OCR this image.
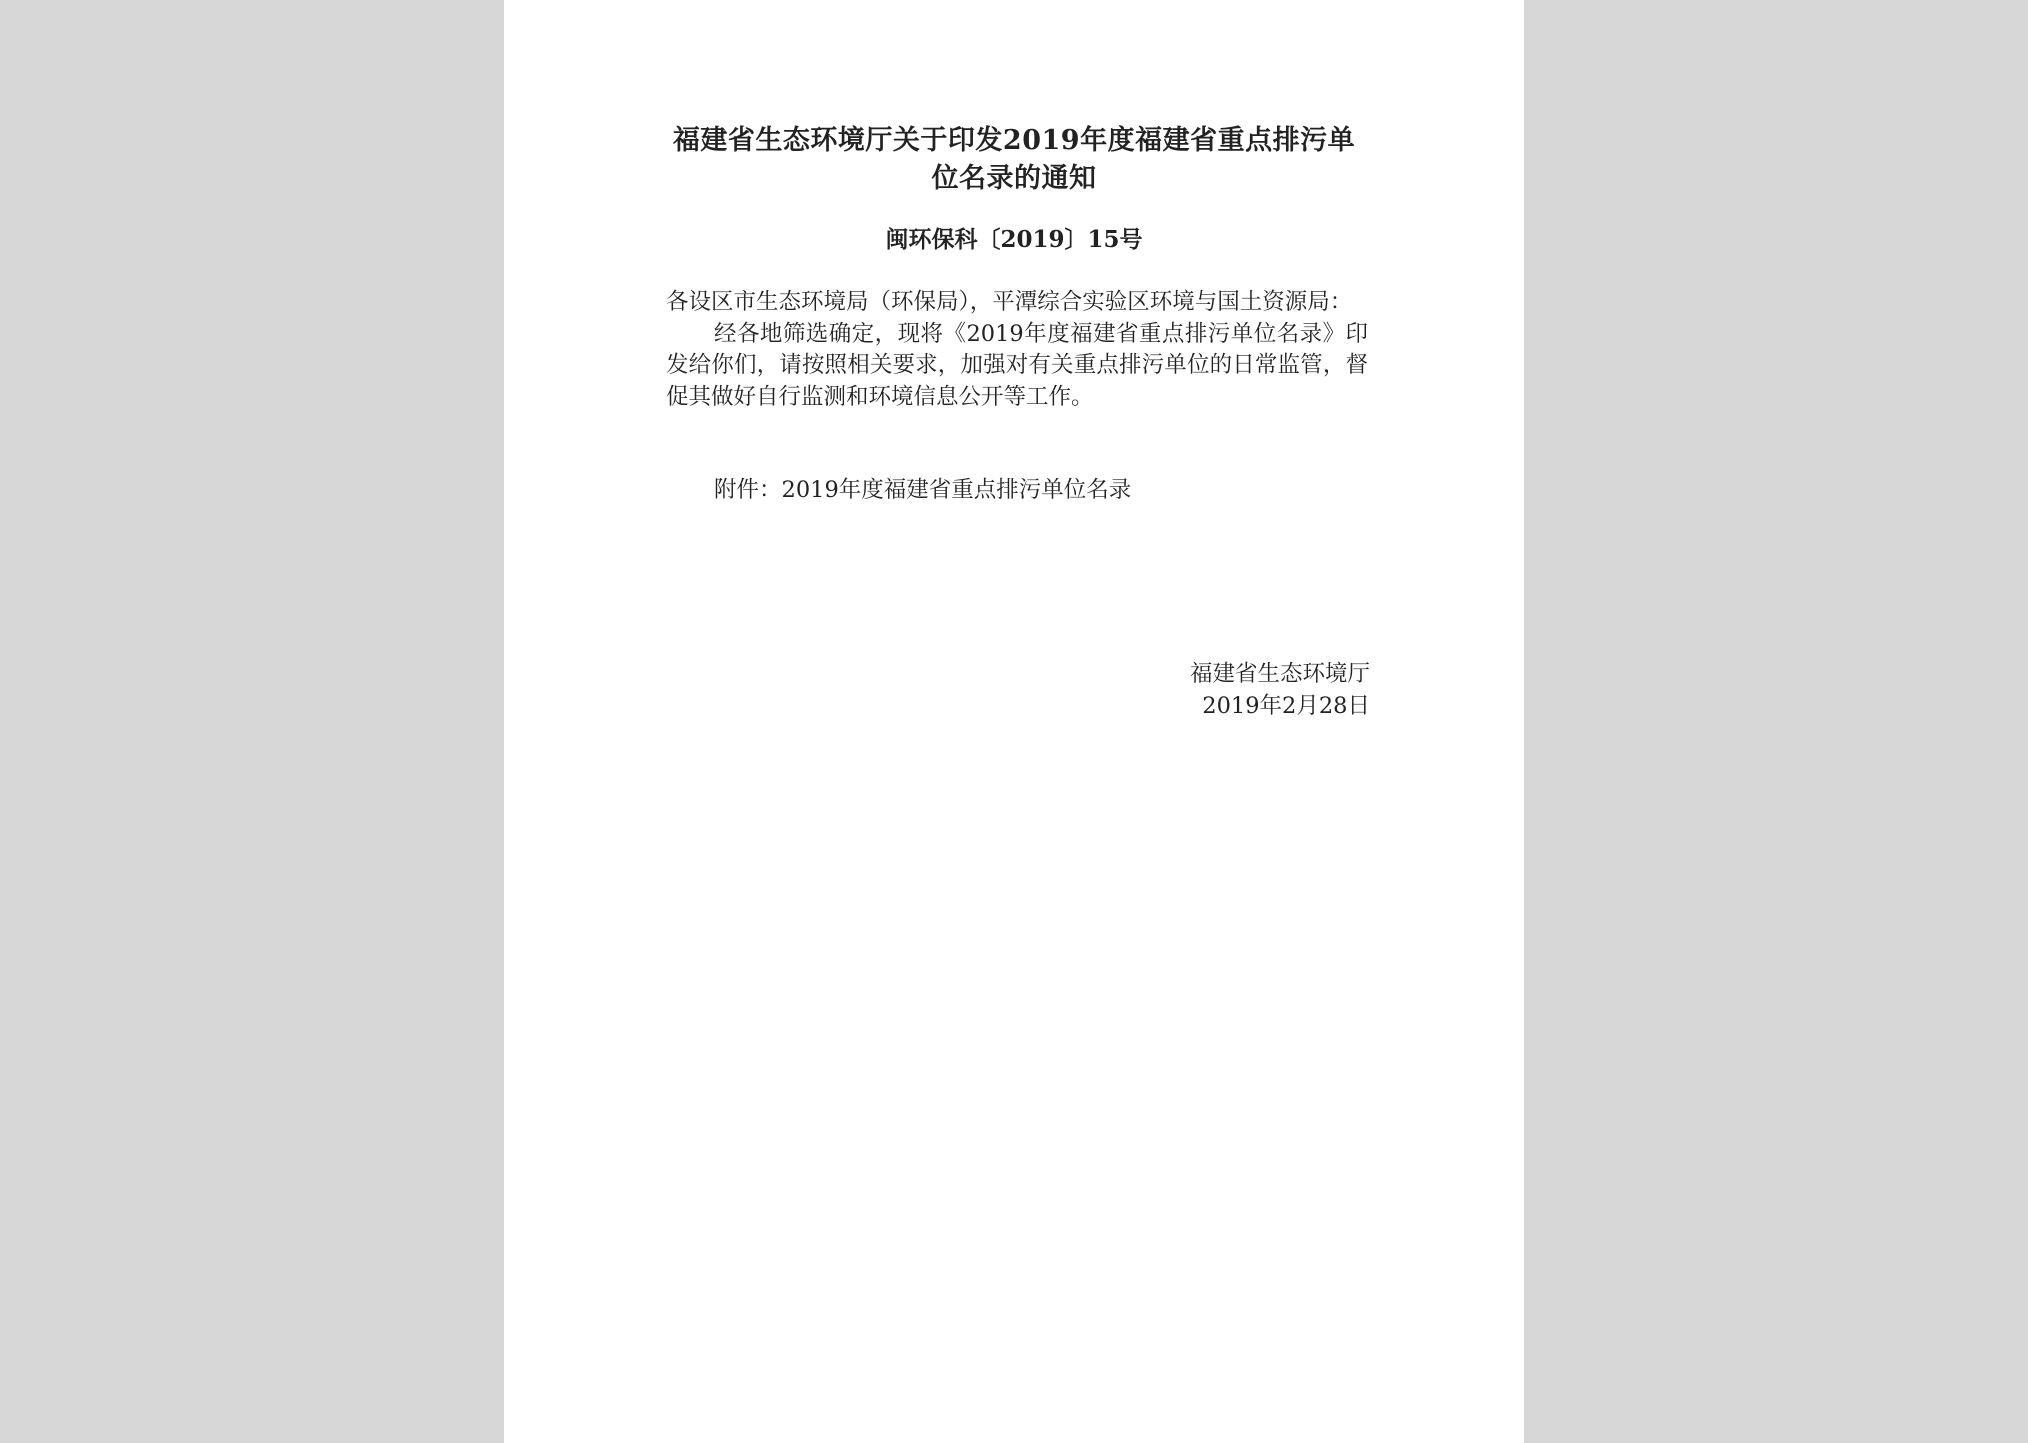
福建省生态环境厅关于印发2019年度福建省重点排污单
位名录的通知
闽环保科〔2019〕15号

各设区市生态环境局（环保局），平潭综合实验区环境与国土资源局：

经各地筛选确定，现将《2019年度福建省重点排污单位名录》印发给你们，请按照相关要求，加强对有关重点排污单位的日常监管，督促其做好自行监测和环境信息公开等工作。

附件：2019年度福建省重点排污单位名录
福建省生态环境厅
2019年2月28日
